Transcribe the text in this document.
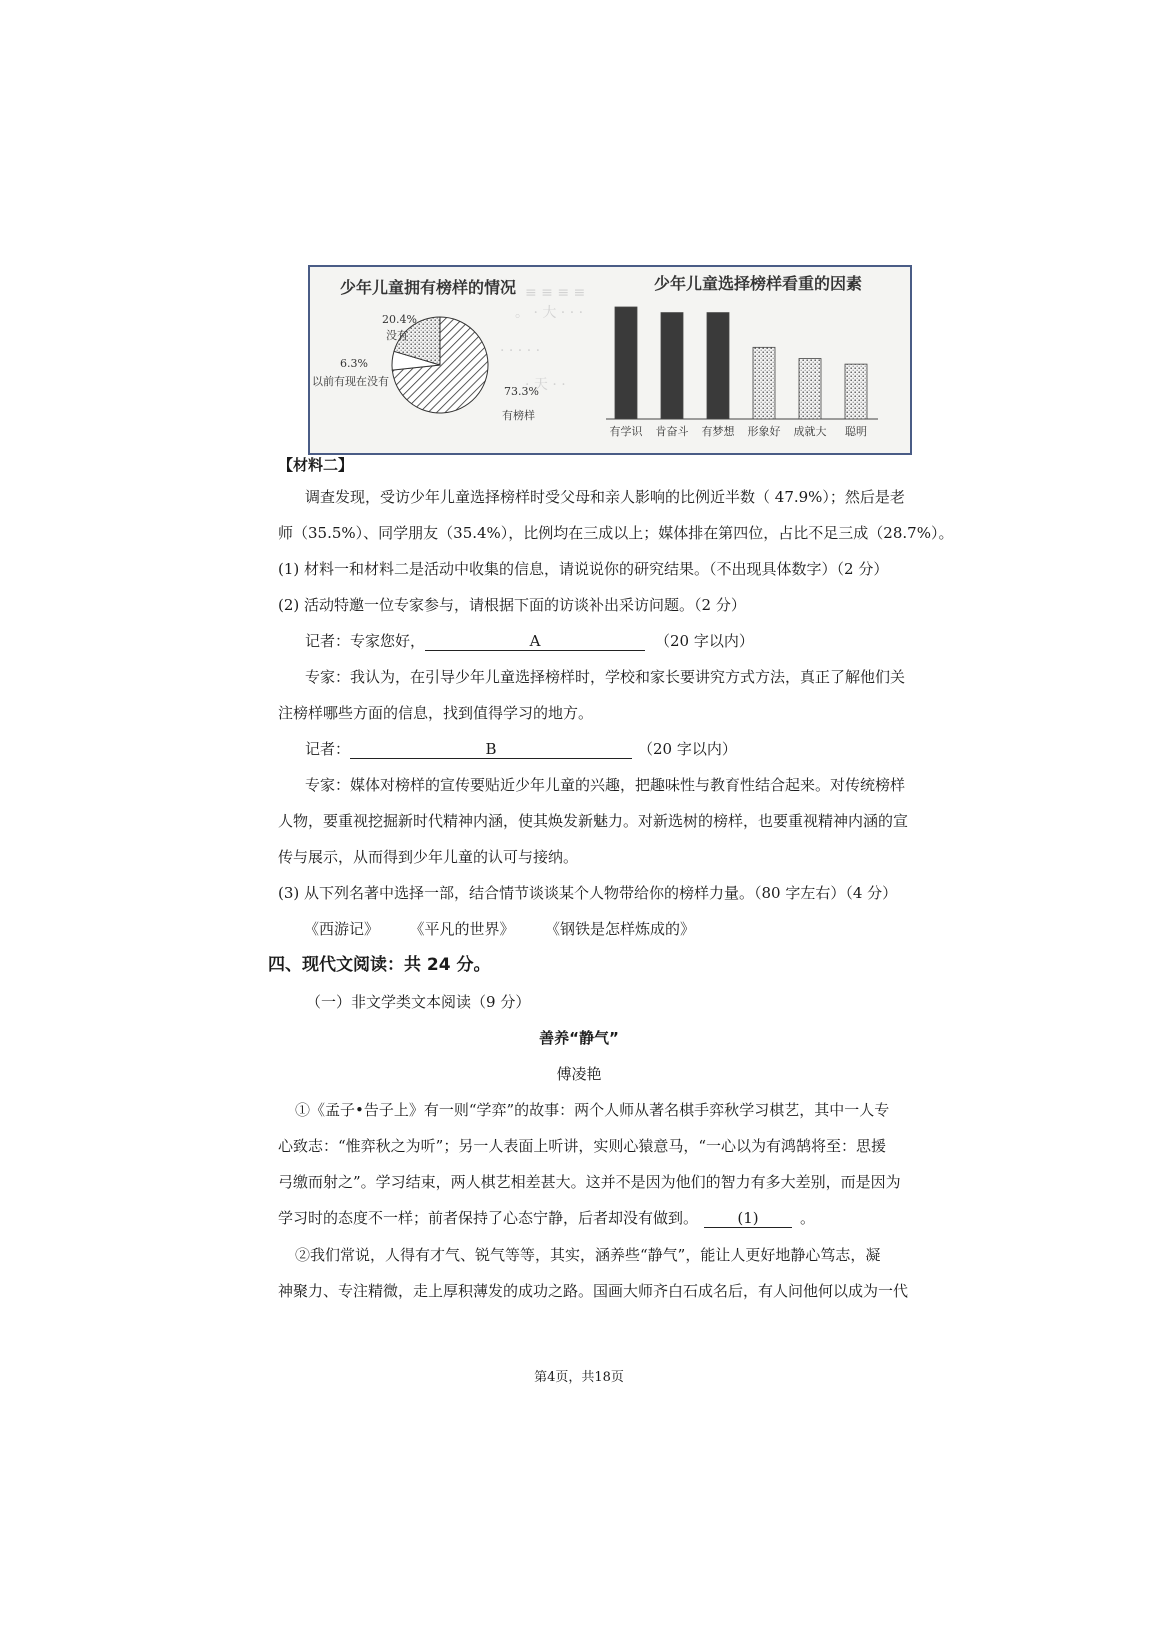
≡ ≡ ≡ ≡
。 · 大 · · ·
· · · · ·
· 天 · ·
少年儿童拥有榜样的情况
20.4%
没有
6.3%
以前有现在没有
73.3%
有榜样
少年儿童选择榜样看重的因素
有学识 肯奋斗 有梦想 形象好 成就大 聪明
【材料二】
调查发现，受访少年儿童选择榜样时受父母和亲人影响的比例近半数（ 47.9%）；然后是老
师（35.5%）、同学朋友（35.4%），比例均在三成以上；媒体排在第四位，占比不足三成（28.7%）。
(1) 材料一和材料二是活动中收集的信息，请说说你的研究结果。（不出现具体数字）（2 分）
(2) 活动特邀一位专家参与，请根据下面的访谈补出采访问题。（2 分）
记者：专家您好，	A	（20 字以内）
专家：我认为，在引导少年儿童选择榜样时，学校和家长要讲究方式方法，真正了解他们关
注榜样哪些方面的信息，找到值得学习的地方。
记者：	B	（20 字以内）
专家：媒体对榜样的宣传要贴近少年儿童的兴趣，把趣味性与教育性结合起来。对传统榜样
人物，要重视挖掘新时代精神内涵，使其焕发新魅力。对新选树的榜样，也要重视精神内涵的宣
传与展示，从而得到少年儿童的认可与接纳。
(3) 从下列名著中选择一部，结合情节谈谈某个人物带给你的榜样力量。（80 字左右）（4 分）
《西游记》	《平凡的世界》	《钢铁是怎样炼成的》
四、现代文阅读：共 24 分。
（一）非文学类文本阅读（9 分）
善养“静气”
傅凌艳
①《孟子•告子上》有一则“学弈”的故事：两个人师从著名棋手弈秋学习棋艺，其中一人专
心致志：“惟弈秋之为听”；另一人表面上听讲，实则心猿意马，“一心以为有鸿鹄将至：思援
弓缴而射之”。学习结束，两人棋艺相差甚大。这并不是因为他们的智力有多大差别，而是因为
学习时的态度不一样；前者保持了心态宁静，后者却没有做到。	(1)	。
②我们常说，人得有才气、锐气等等，其实，涵养些“静气”，能让人更好地静心笃志，凝
神聚力、专注精微，走上厚积薄发的成功之路。国画大师齐白石成名后，有人问他何以成为一代
第4页，共18页
